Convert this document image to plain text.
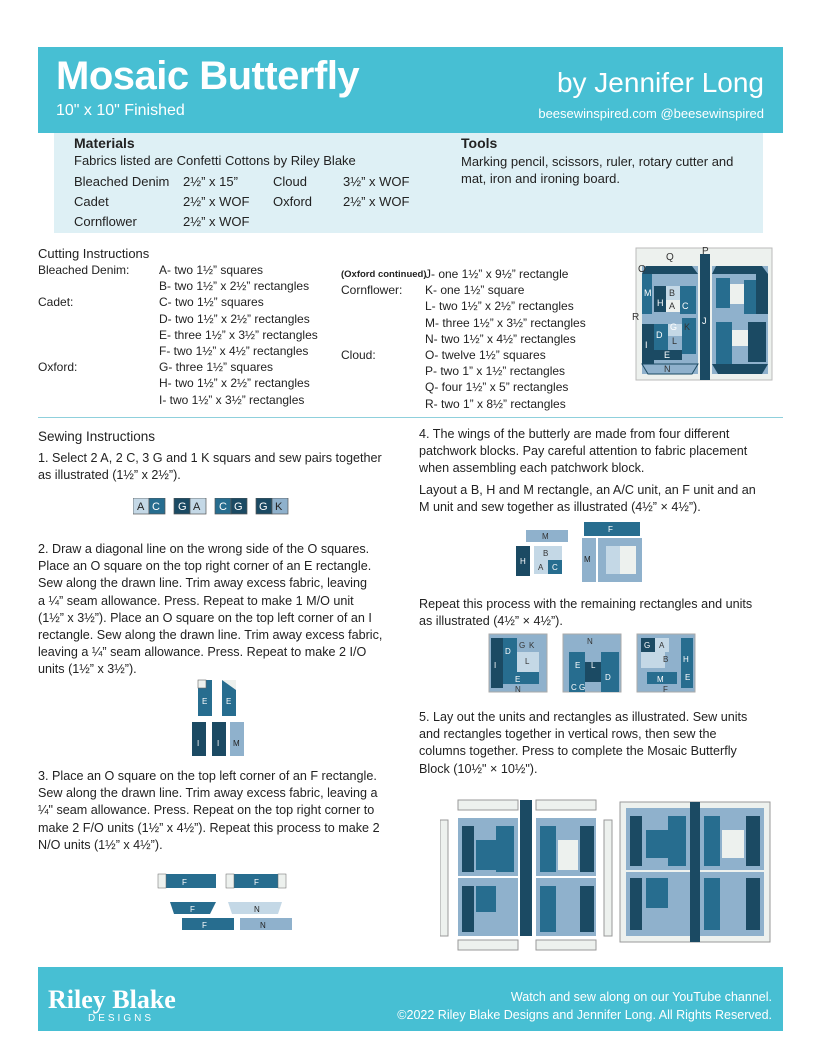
Mosaic Butterfly
10" x 10" Finished
by Jennifer Long
beesewinspired.com @beesewinspired
Materials
Fabrics listed are Confetti Cottons by Riley Blake
Bleached Denim 2½” x 15”	Cloud	3½” x WOF
Cadet	2½” x WOF Oxford 2½” x WOF
Cornflower	2½” x WOF
Tools
Marking pencil, scissors, ruler, rotary cutter and
mat, iron and ironing board.
Cutting Instructions
Bleached Denim: A- two 1½” squares
B- two 1½” x 2½” rectangles
Cadet:	C- two 1½” squares
D- two 1½” x 2½” rectangles
E- three 1½” x 3½” rectangles
F- two 1½” x 4½” rectangles
Oxford:	G- three 1½” squares
H- two 1½” x 2½” rectangles
I- two 1½” x 3½” rectangles
(Oxford continued)
J- one 1½” x 9½” rectangle
Cornflower: K- one 1½” square
L- two 1½” x 2½” rectangles
M- three 1½” x 3½” rectangles
N- two 1½” x 4½” rectangles
Cloud:	O- twelve 1½” squares
P- two 1” x 1½” rectangles
Q- four 1½” x 5” rectangles
R- two 1” x 8½” rectangles
Q
P
O
M
H
B
A C
G K
L
J
R
D
I
E
N
Sewing Instructions
1. Select 2 A, 2 C, 3 G and 1 K squars and sew pairs together
as illustrated (1½” x 2½”).
A C G A C G G K
2. Draw a diagonal line on the wrong side of the O squares.
Place an O square on the top right corner of an E rectangle.
Sew along the drawn line. Trim away excess fabric, leaving
a ¼” seam allowance. Press. Repeat to make 1 M/O unit
(1½” x 3½”). Place an O square on the top left corner of an I
rectangle. Sew along the drawn line. Trim away excess fabric,
leaving a ¼” seam allowance. Press. Repeat to make 2 I/O
units (1½” x 3½”).
E E
I I M
3. Place an O square on the top left corner of an F rectangle.
Sew along the drawn line. Trim away excess fabric, leaving a
¼" seam allowance. Press. Repeat on the top right corner to
make 2 F/O units (1½” x 4½”). Repeat this process to make 2
N/O units (1½” x 4½”).
F	F
F	N
F	N
4. The wings of the butterly are made from four different
patchwork blocks. Pay careful attention to fabric placement
when assembling each patchwork block.
Layout a B, H and M rectangle, an A/C unit, an F unit and an
M unit and sew together as illustrated (4½” × 4½”).
M
H
B
A C
F
M
Repeat this process with the remaining rectangles and units
as illustrated (4½” × 4½”).
I
D
G K
L
E
N
N
E L
D
C G
G A
H
B
M	E
F
5. Lay out the units and rectangles as illustrated. Sew units
and rectangles together in vertical rows, then sew the
columns together. Press to complete the Mosaic Butterfly
Block (10½" × 10½").
Riley Blake
DESIGNS
Watch and sew along on our YouTube channel.
©2022 Riley Blake Designs and Jennifer Long. All Rights Reserved.
